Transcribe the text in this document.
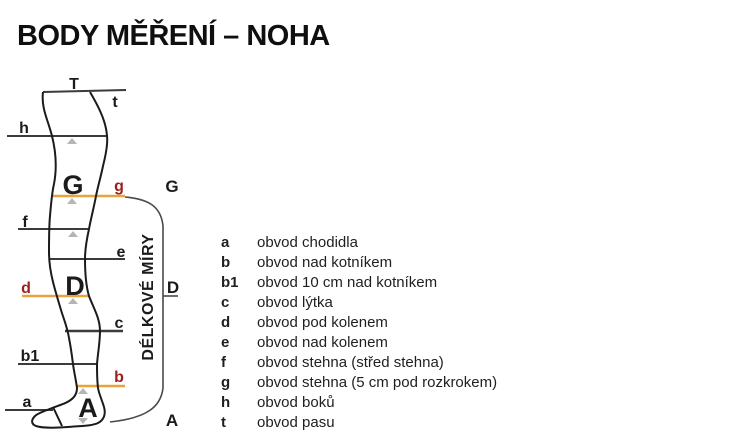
BODY MĚŘENÍ – NOHA
T
t
h
f
e
c
b1
a
g
d
b
G
D
A
G
D
A
DÉLKOVÉ MÍRY	a	obvod chodidla
b	obvod nad kotníkem
b1	obvod 10 cm nad kotníkem
c	obvod lýtka
d	obvod pod kolenem
e	obvod nad kolenem
f	obvod stehna (střed stehna)
g	obvod stehna (5 cm pod rozkrokem)
h	obvod boků
t	obvod pasu
